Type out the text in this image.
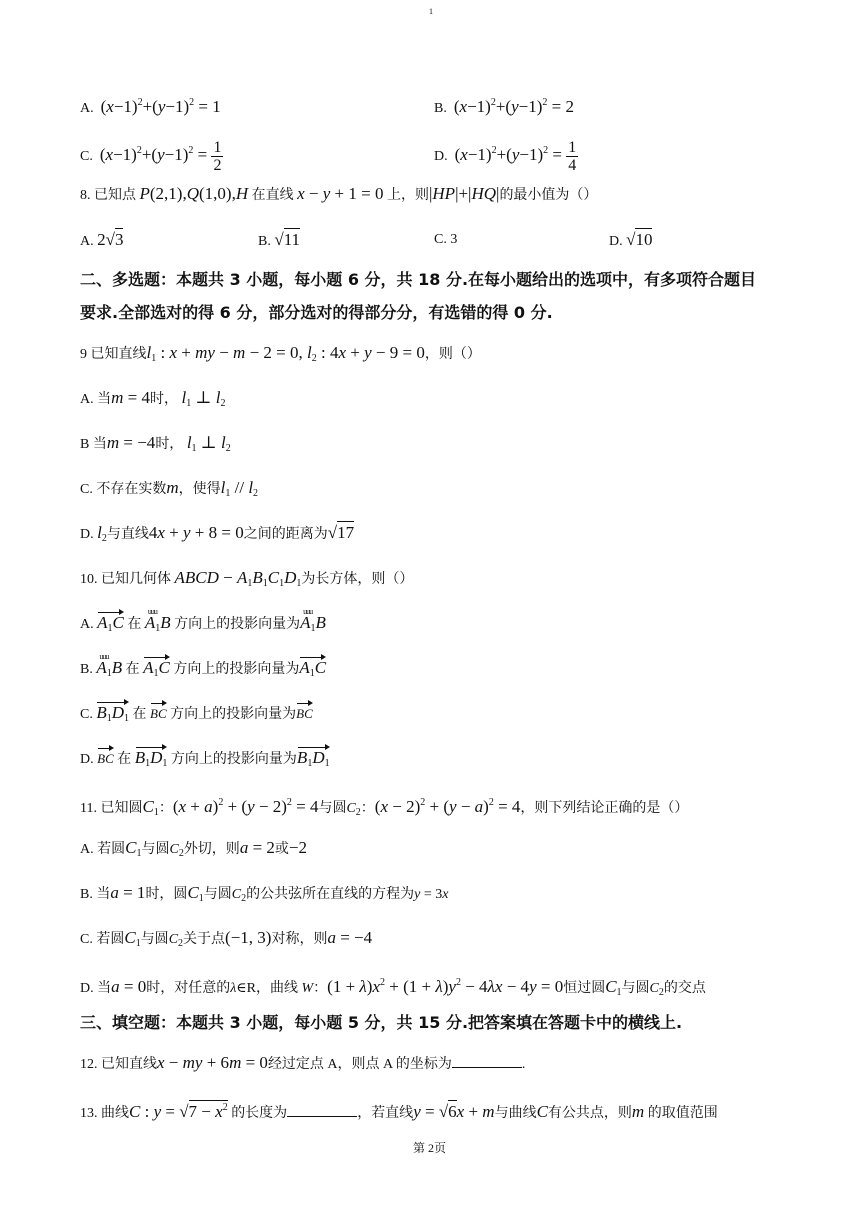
1
A. $(x-1)^2+(y-1)^2 = 1$	B. $(x-1)^2+(y-1)^2 = 2$
C. $(x-1)^2+(y-1)^2 = \frac{1}{2}$	D. $(x-1)^2+(y-1)^2 = \frac{1}{4}$
8. 已知点 P(2,1),Q(1,0),H 在直线 x − y + 1 = 0 上，则|HP|+|HQ|的最小值为（）
A. 2√3	B. √11	C. 3	D. √10
二、多选题：本题共 3 小题，每小题 6 分，共 18 分.在每小题给出的选项中，有多项符合题目
要求.全部选对的得 6 分，部分选对的得部分分，有选错的得 0 分.
9 已知直线$l_1$ : x + my − m − 2 = 0, $l_2$ : 4x + y − 9 = 0，则（）
A. 当m = 4时， $l_1$ ⊥ $l_2$
B 当m = −4时， $l_1$ ⊥ $l_2$
C. 不存在实数m，使得$l_1 // l_2$
D. $l_2$与直线4x + y + 8 = 0之间的距离为√17
10. 已知几何体 ABCD − $A_1B_1C_1D_1$为长方体，则（）
A. $A_1C$ 在 uuu $A_1B$ 方向上的投影向量为uuu $A_1B$
B. uuu $A_1B$ 在 $A_1C$ 方向上的投影向量为$A_1C$
C. $B_1D_1$ 在 BC 方向上的投影向量为BC
D. BC 在 $B_1D_1$ 方向上的投影向量为$B_1D_1$
11. 已知圆$C_1$：$(x + a)^2 + (y - 2)^2 = 4$与圆$C_2$：$(x - 2)^2 + (y - a)^2 = 4$，则下列结论正确的是（）
A. 若圆$C_1$与圆$C_2$外切，则a = 2或−2
B. 当a = 1时，圆$C_1$与圆$C_2$的公共弦所在直线的方程为y = 3x
C. 若圆$C_1$与圆$C_2$关于点(−1, 3)对称，则a = −4
D. 当a = 0时，对任意的λ∈R，曲线 W：$(1 + \lambda)x^2 + (1 + \lambda)y^2 - 4\lambda x - 4y = 0$恒过圆$C_1$与圆$C_2$的交点
三、填空题：本题共 3 小题，每小题 5 分，共 15 分.把答案填在答题卡中的横线上.
12. 已知直线x − my + 6m = 0经过定点 A，则点 A 的坐标为	.
13. 曲线C : $y = √7 - x^2$ 的长度为	，若直线y = √6x + m与曲线C有公共点，则m 的取值范围
第 2页
